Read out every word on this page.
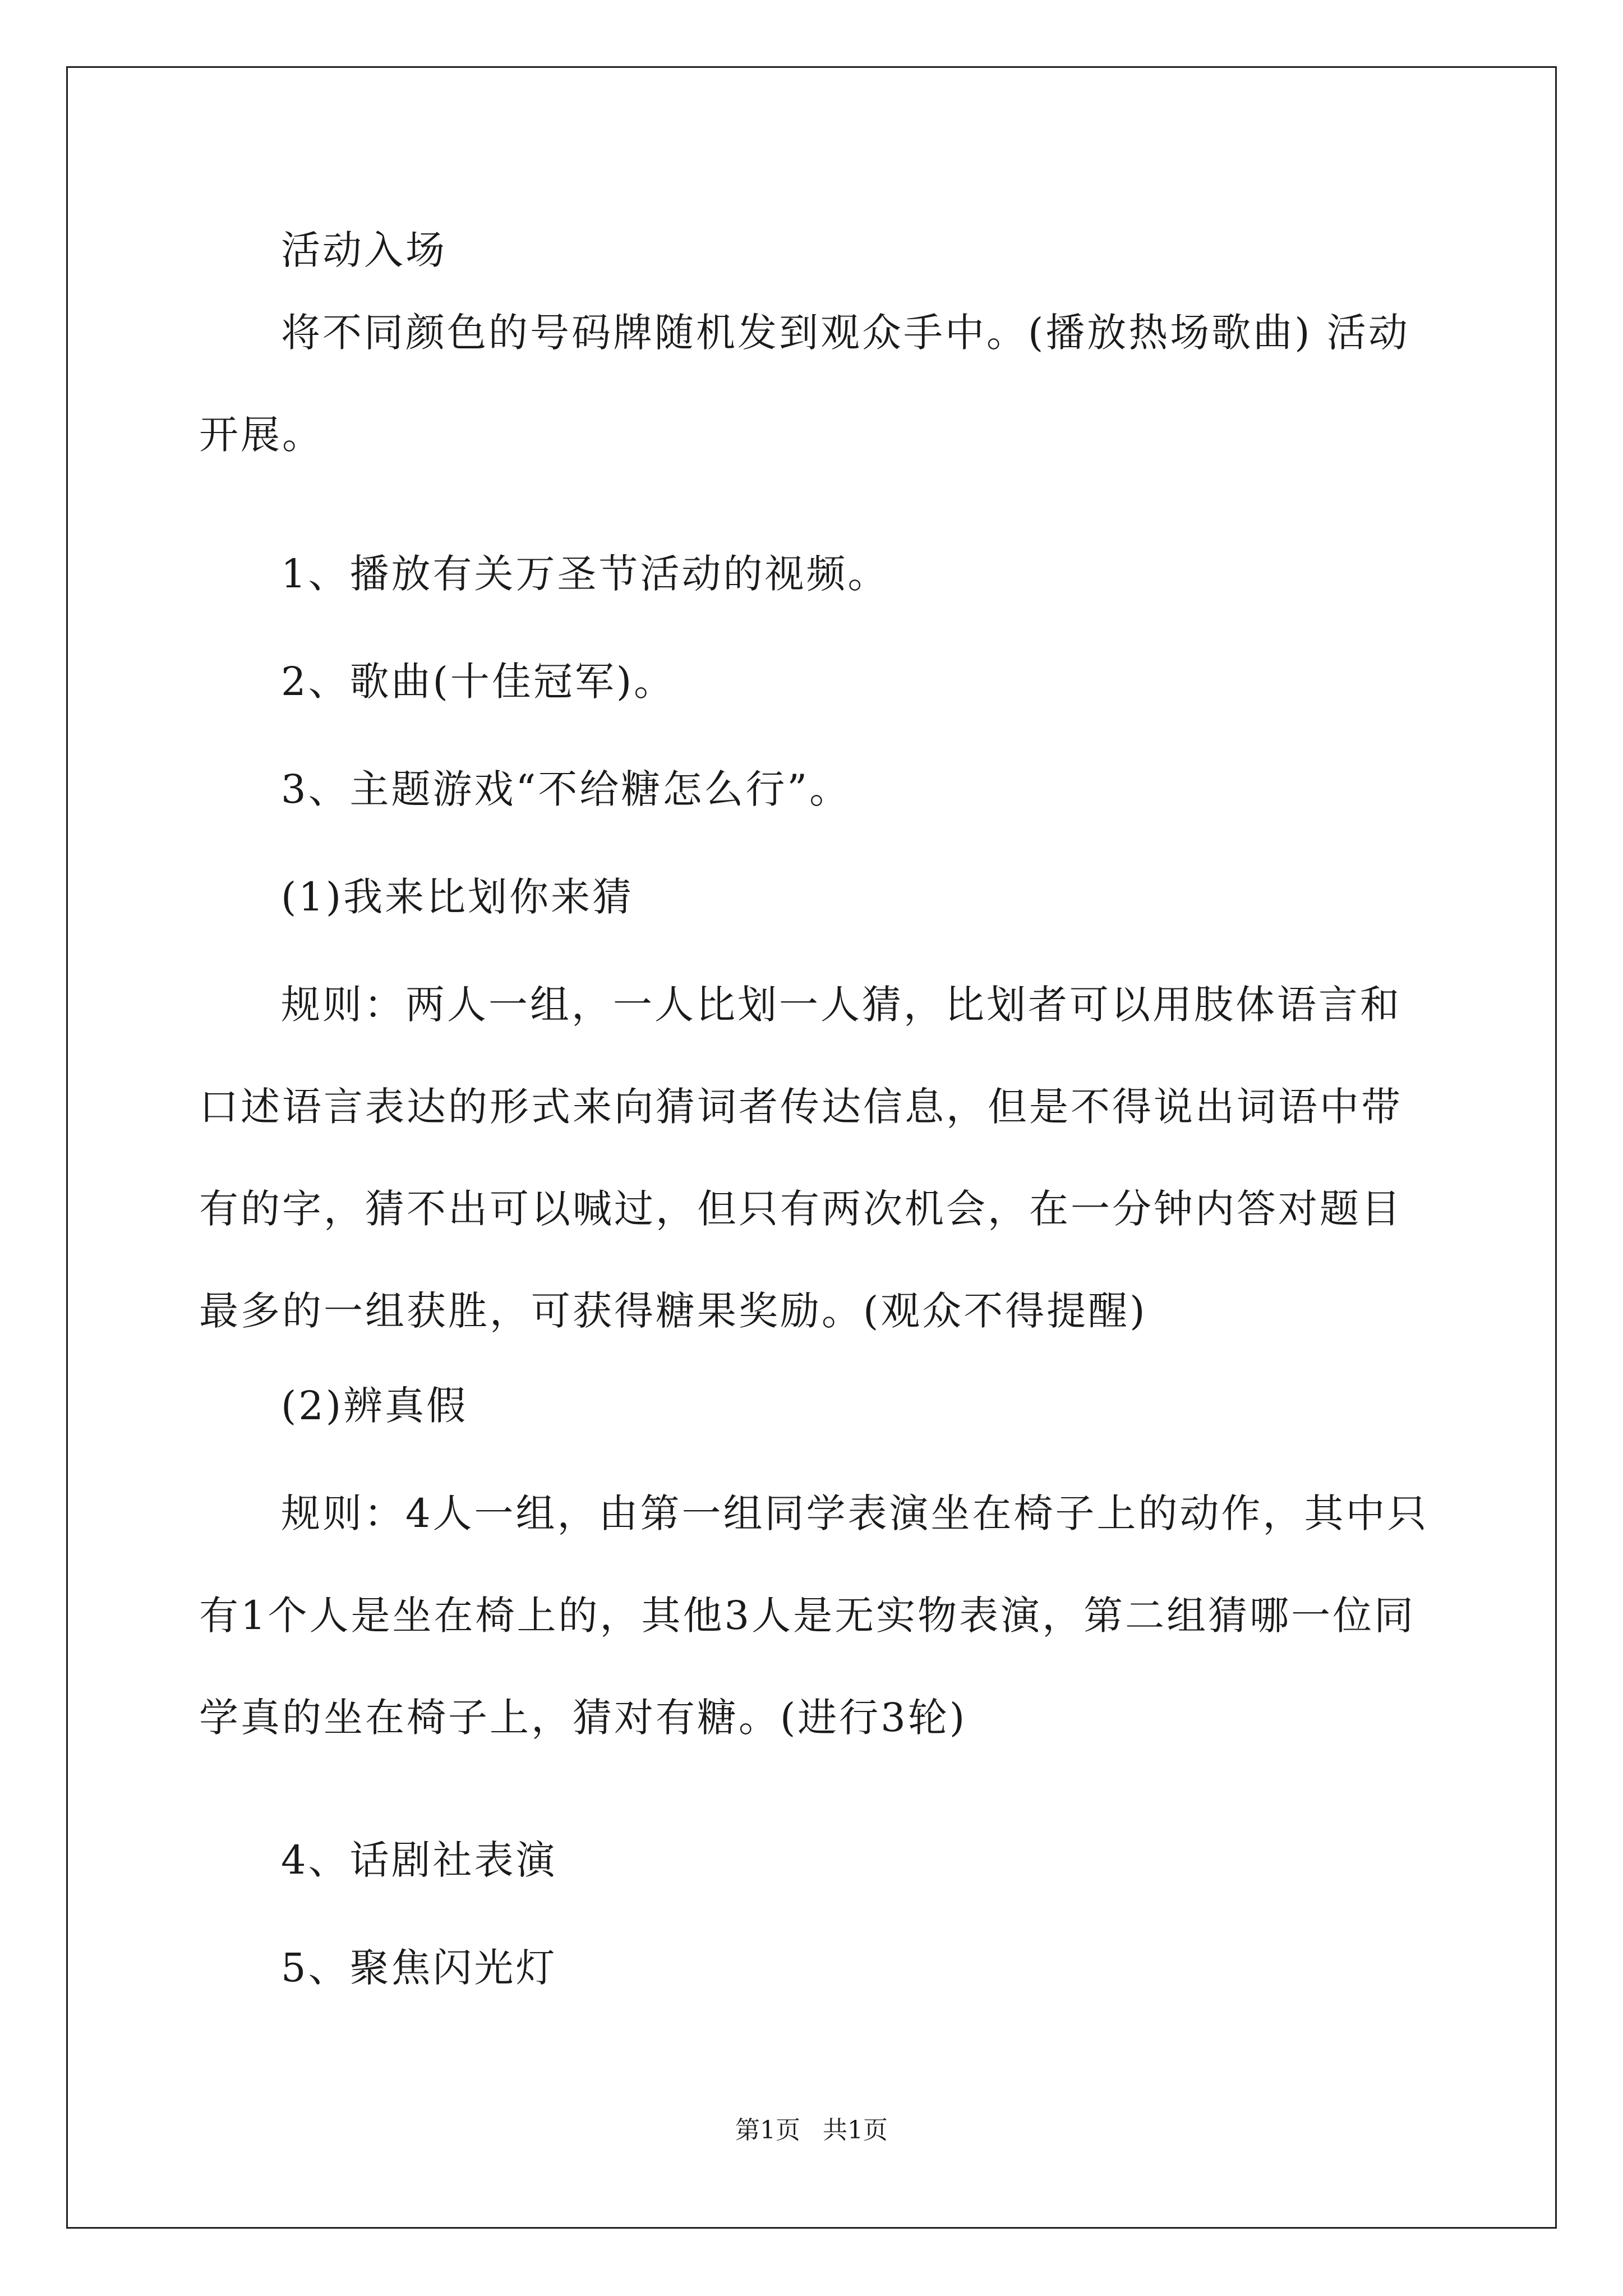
活动入场

将不同颜色的号码牌随机发到观众手中。(播放热场歌曲) 活动开展。

1、播放有关万圣节活动的视频。

2、歌曲(十佳冠军)。

3、主题游戏“不给糖怎么行”。

(1)我来比划你来猜

规则：两人一组，一人比划一人猜，比划者可以用肢体语言和口述语言表达的形式来向猜词者传达信息，但是不得说出词语中带有的字，猜不出可以喊过，但只有两次机会，在一分钟内答对题目最多的一组获胜，可获得糖果奖励。(观众不得提醒)

(2)辨真假

规则：4人一组，由第一组同学表演坐在椅子上的动作，其中只有1个人是坐在椅上的，其他3人是无实物表演，第二组猜哪一位同学真的坐在椅子上，猜对有糖。(进行3轮)

4、话剧社表演

5、聚焦闪光灯

第1页 共1页
